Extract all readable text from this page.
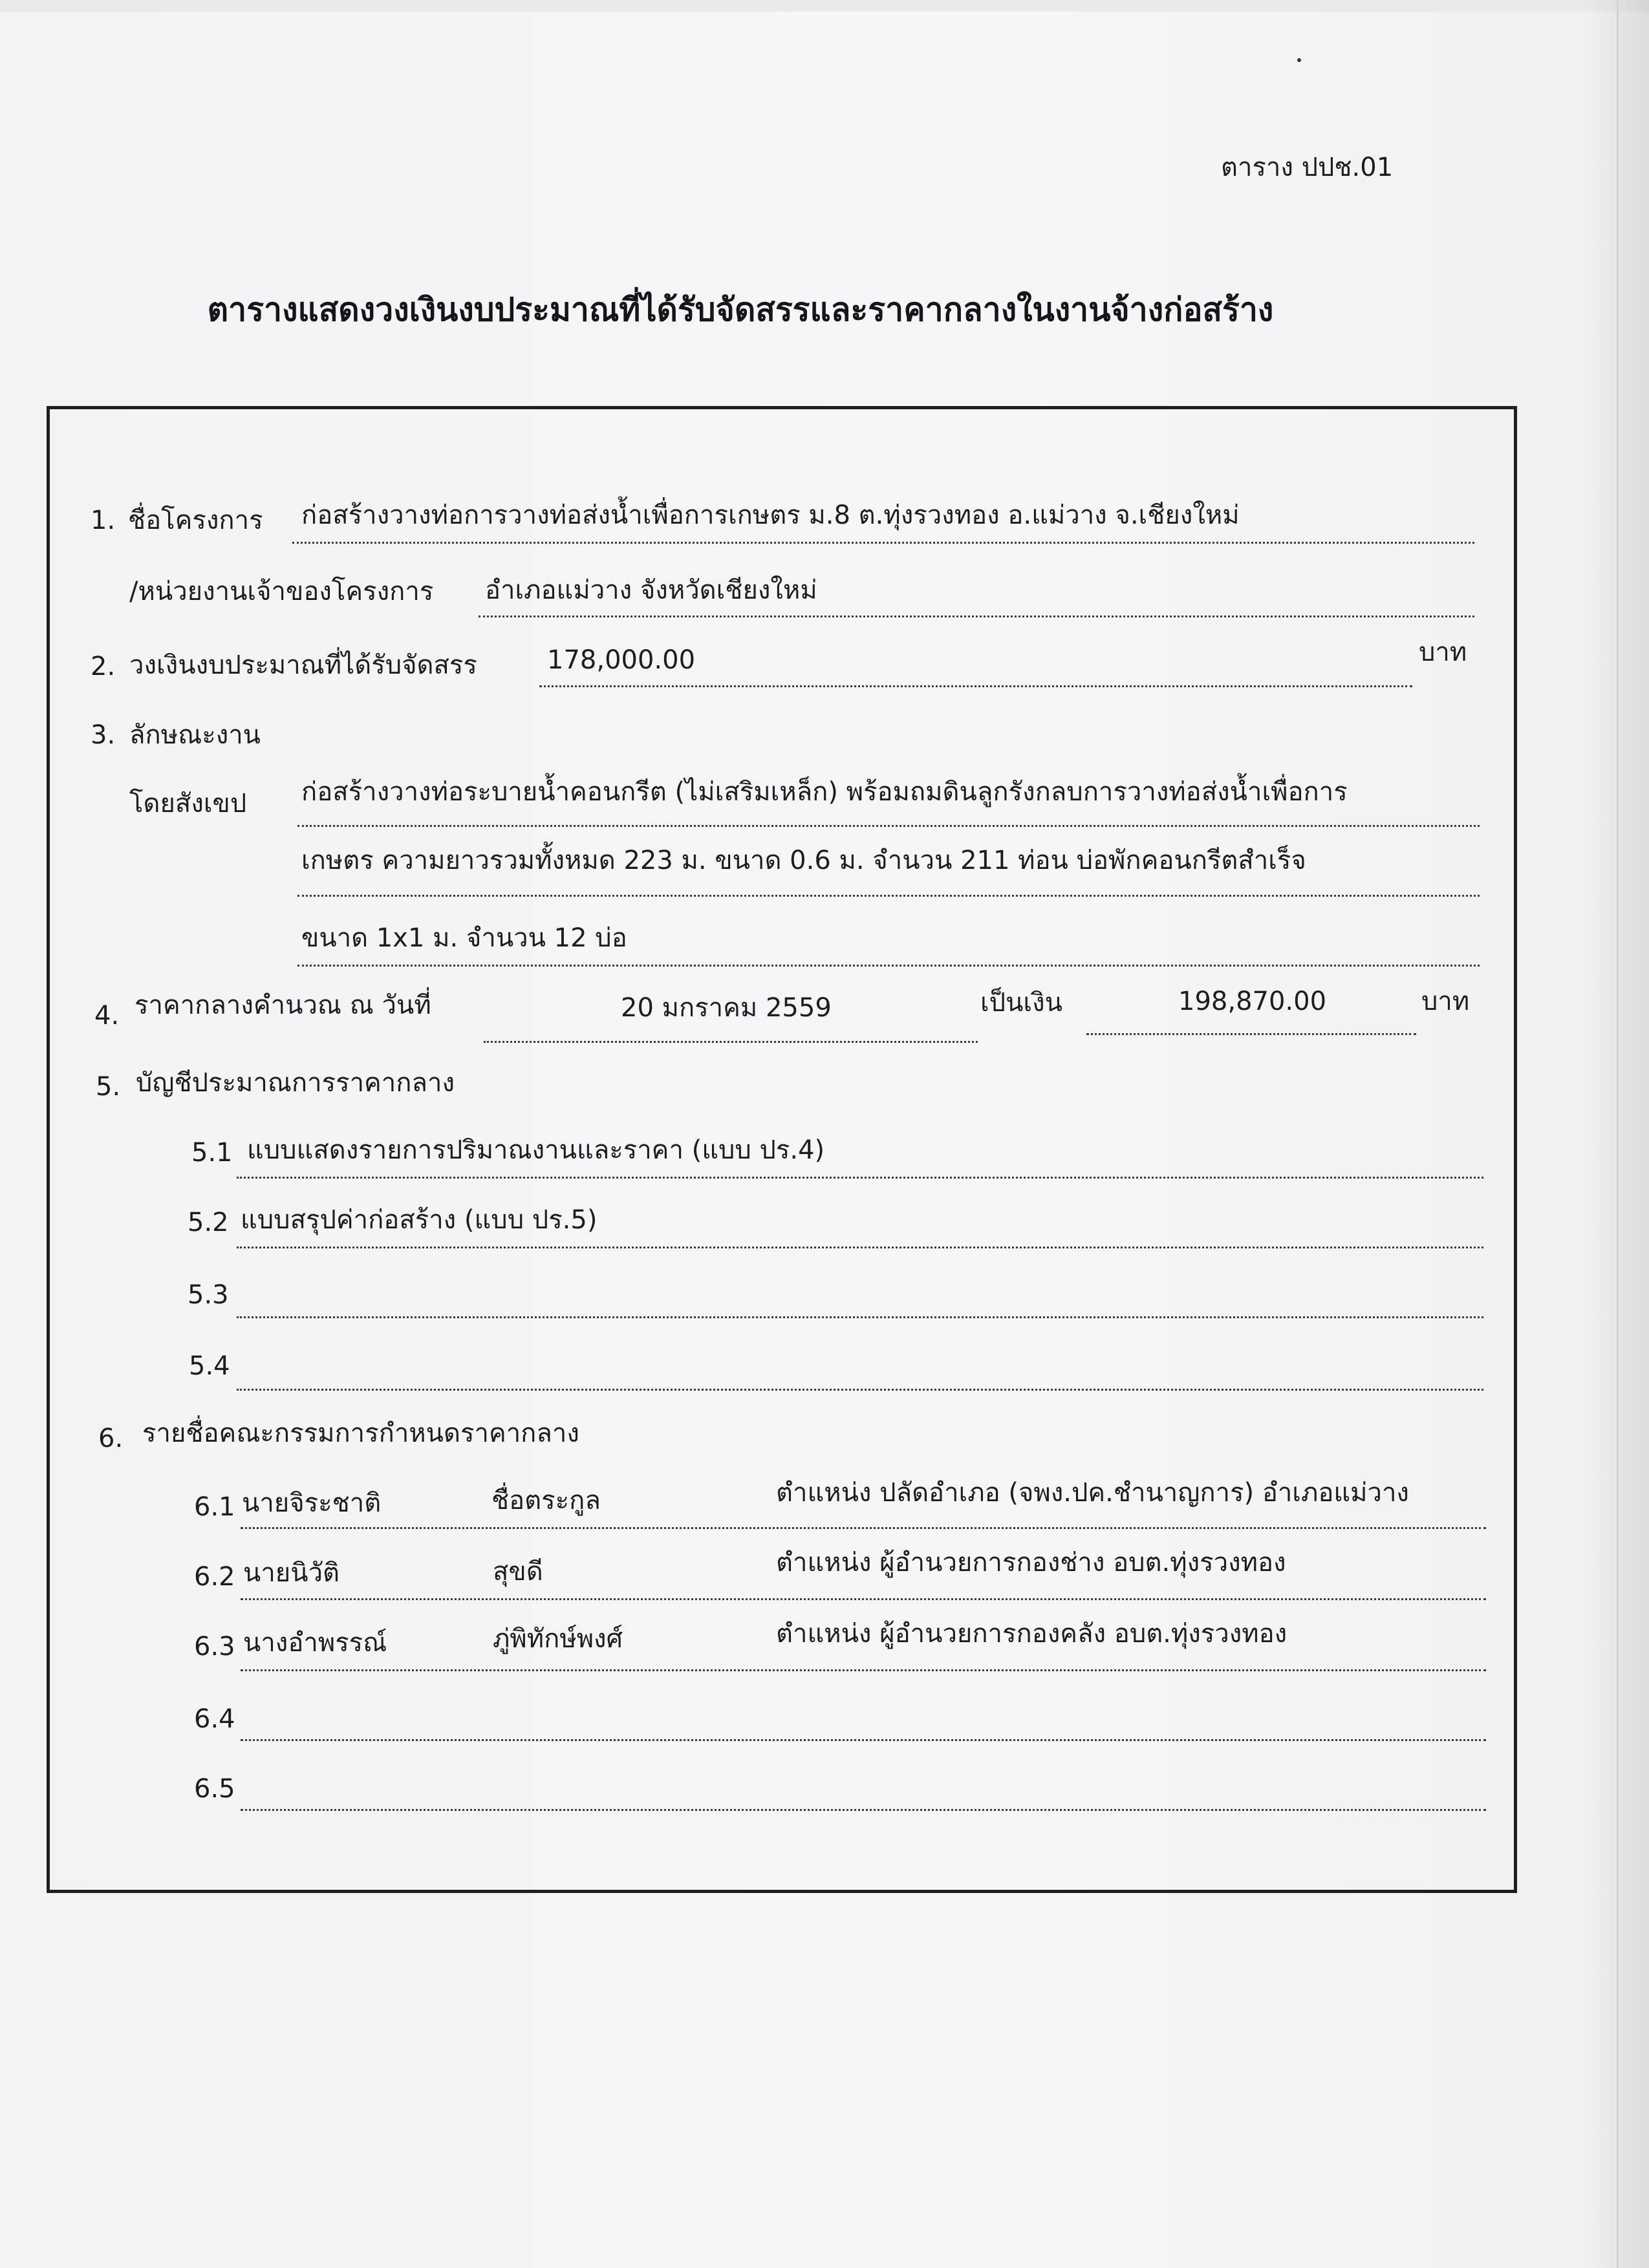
ตาราง ปปช.01
ตารางแสดงวงเงินงบประมาณที่ได้รับจัดสรรและราคากลางในงานจ้างก่อสร้าง
1. ชื่อโครงการ ก่อสร้างวางท่อการวางท่อส่งน้ำเพื่อการเกษตร ม.8 ต.ทุ่งรวงทอง อ.แม่วาง จ.เชียงใหม่
/หน่วยงานเจ้าของโครงการ อำเภอแม่วาง จังหวัดเชียงใหม่
2. วงเงินงบประมาณที่ได้รับจัดสรร	178,000.00	บาท
3. ลักษณะงาน
โดยสังเขป ก่อสร้างวางท่อระบายน้ำคอนกรีต (ไม่เสริมเหล็ก) พร้อมถมดินลูกรังกลบการวางท่อส่งน้ำเพื่อการ
เกษตร ความยาวรวมทั้งหมด 223 ม. ขนาด 0.6 ม. จำนวน 211 ท่อน บ่อพักคอนกรีตสำเร็จ
ขนาด 1x1 ม. จำนวน 12 บ่อ
4. ราคากลางคำนวณ ณ วันที่	20 มกราคม 2559	เป็นเงิน	198,870.00	บาท
5. บัญชีประมาณการราคากลาง
5.1 แบบแสดงรายการปริมาณงานและราคา (แบบ ปร.4)
5.2 แบบสรุปค่าก่อสร้าง (แบบ ปร.5)
5.3
5.4
6. รายชื่อคณะกรรมการกำหนดราคากลาง
6.1 นายจิระชาติ	ชื่อตระกูล	ตำแหน่ง ปลัดอำเภอ (จพง.ปค.ชำนาญการ) อำเภอแม่วาง
6.2 นายนิวัติ	สุขดี	ตำแหน่ง ผู้อำนวยการกองช่าง อบต.ทุ่งรวงทอง
6.3 นางอำพรรณ์	ภู่พิทักษ์พงศ์	ตำแหน่ง ผู้อำนวยการกองคลัง อบต.ทุ่งรวงทอง
6.4
6.5
